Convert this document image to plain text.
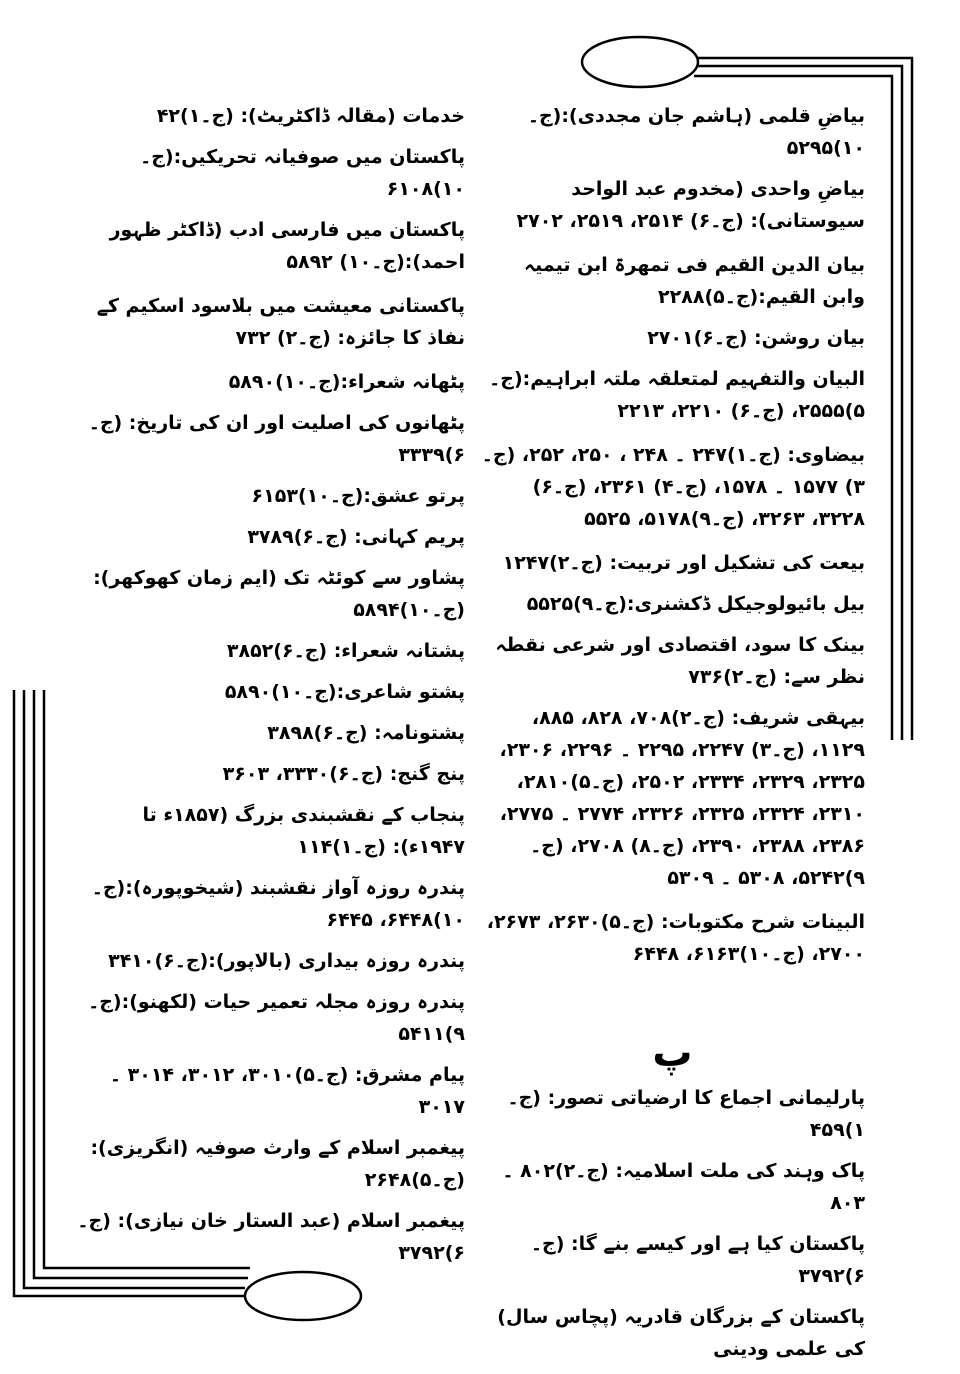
بیاضِ قلمی (ہاشم جان مجددی):(ج۔۱۰)۵۲۹۵
بیاضِ واحدی (مخدوم عبد الواحد سیوستانی): (ج۔۶) ۲۵۱۴، ۲۵۱۹، ۲۷۰۲
بیان الدین القیم فی تمھرۃ ابن تیمیہ وابن القیم:(ج۔۵)۲۲۸۸
بیان روشن: (ج۔۶)۲۷۰۱
البیان والتفہیم لمتعلقہ ملتہ ابراہیم:(ج۔۵)۲۵۵۵، (ج۔۶) ۲۲۱۰، ۲۲۱۳
بیضاوی: (ج۔۱)۲۴۷ ۔ ۲۴۸ ، ۲۵۰، ۲۵۲، (ج۔۳) ۱۵۷۷ ۔ ۱۵۷۸، (ج۔۴) ۲۳۶۱، (ج۔۶) ۳۲۲۸، ۳۲۶۳، (ج۔۹)۵۱۷۸، ۵۵۲۵
بیعت کی تشکیل اور تربیت: (ج۔۲)۱۲۴۷
بیل بائیولوجیکل ڈکشنری:(ج۔۹)۵۵۲۵
بینک کا سود، اقتصادی اور شرعی نقطہ نظر سے: (ج۔۲)۷۳۶
بیہقی شریف: (ج۔۲)۷۰۸، ۸۲۸، ۸۸۵، ۱۱۲۹، (ج۔۳) ۲۲۴۷، ۲۲۹۵ ۔ ۲۲۹۶، ۲۳۰۶، ۲۳۲۵، ۲۳۲۹، ۲۳۳۴، ۲۵۰۲، (ج۔۵)۲۸۱۰، ۲۳۱۰، ۲۳۲۴، ۲۳۲۵، ۲۳۲۶، ۲۷۷۴ ۔ ۲۷۷۵، ۲۳۸۶، ۲۳۸۸، ۲۳۹۰، (ج۔۸) ۲۷۰۸، (ج۔۹)۵۲۴۲، ۵۳۰۸ ۔ ۵۳۰۹
البینات شرح مکتوبات: (ج۔۵)۲۶۳۰، ۲۶۷۳، ۲۷۰۰، (ج۔۱۰)۶۱۶۳، ۶۴۴۸
پ
پارلیمانی اجماع کا ارضیاتی تصور: (ج۔۱)۴۵۹
پاک وہند کی ملت اسلامیہ: (ج۔۲)۸۰۲ ۔ ۸۰۳
پاکستان کیا ہے اور کیسے بنے گا: (ج۔۶)۳۷۹۲
پاکستان کے بزرگان قادریہ (پچاس سال) کی علمی ودینی
خدمات (مقالہ ڈاکٹریٹ): (ج۔۱)۴۲
پاکستان میں صوفیانہ تحریکیں:(ج۔۱۰)۶۱۰۸
پاکستان میں فارسی ادب (ڈاکٹر ظہور احمد):(ج۔۱۰) ۵۸۹۲
پاکستانی معیشت میں بلاسود اسکیم کے نفاذ کا جائزہ: (ج۔۲) ۷۳۲
پٹھانہ شعراء:(ج۔۱۰)۵۸۹۰
پٹھانوں کی اصلیت اور ان کی تاریخ: (ج۔۶)۳۳۳۹
پرتو عشق:(ج۔۱۰)۶۱۵۳
پریم کہانی: (ج۔۶)۳۷۸۹
پشاور سے کوئٹہ تک (ایم زمان کھوکھر):(ج۔۱۰)۵۸۹۴
پشتانہ شعراء: (ج۔۶)۳۸۵۲
پشتو شاعری:(ج۔۱۰)۵۸۹۰
پشتونامہ: (ج۔۶)۳۸۹۸
پنج گنج: (ج۔۶)۳۳۳۰، ۳۶۰۳
پنجاب کے نقشبندی بزرگ (۱۸۵۷ء تا ۱۹۴۷ء): (ج۔۱)۱۱۴
پندرہ روزہ آواز نقشبند (شیخوپورہ):(ج۔۱۰)۶۴۴۸، ۶۴۴۵
پندرہ روزہ بیداری (بالاپور):(ج۔۶)۳۴۱۰
پندرہ روزہ مجلہ تعمیر حیات (لکھنو):(ج۔۹)۵۴۱۱
پیام مشرق: (ج۔۵)۳۰۱۰، ۳۰۱۲، ۳۰۱۴ ۔ ۳۰۱۷
پیغمبر اسلام کے وارث صوفیہ (انگریزی): (ج۔۵)۲۶۴۸
پیغمبر اسلام (عبد الستار خان نیازی): (ج۔۶)۳۷۹۲
